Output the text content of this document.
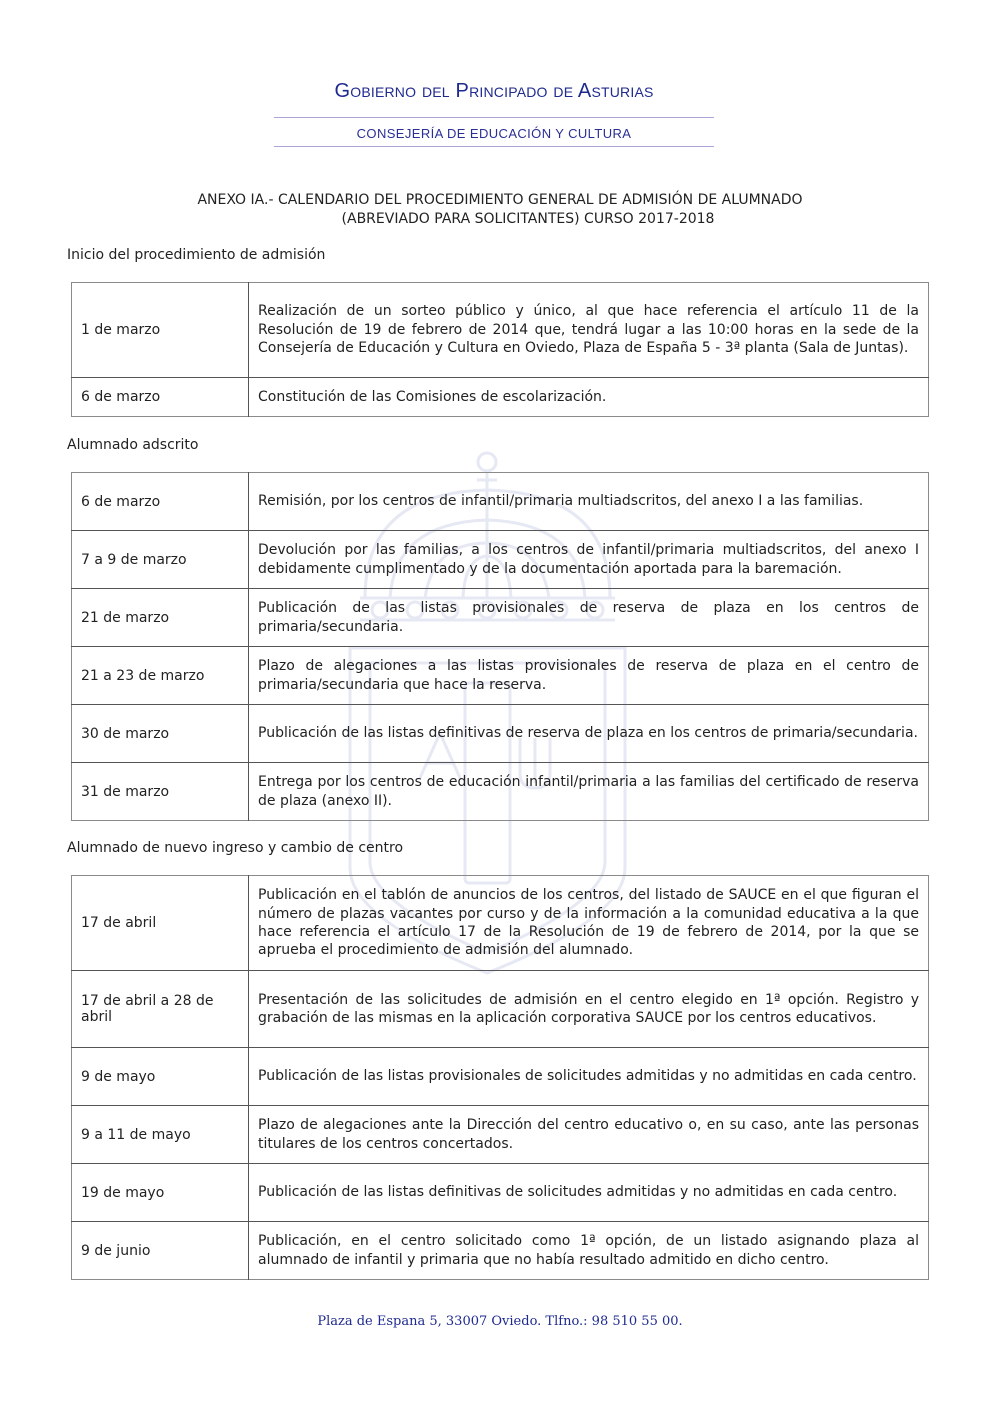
Gobierno del Principado de Asturias
CONSEJERÍA DE EDUCACIÓN Y CULTURA
ANEXO IA.- CALENDARIO DEL PROCEDIMIENTO GENERAL DE ADMISIÓN DE ALUMNADO
(ABREVIADO PARA SOLICITANTES) CURSO 2017-2018
Inicio del procedimiento de admisión
1 de marzo	Realización de un sorteo público y único, al que hace referencia el artículo 11 de la Resolución de 19 de febrero de 2014 que, tendrá lugar a las 10:00 horas en la sede de la Consejería de Educación y Cultura en Oviedo, Plaza de España 5 - 3ª planta (Sala de Juntas).
6 de marzo	Constitución de las Comisiones de escolarización.
Alumnado adscrito
6 de marzo	Remisión, por los centros de infantil/primaria multiadscritos, del anexo I a las familias.
7 a 9 de marzo	Devolución por las familias, a los centros de infantil/primaria multiadscritos, del anexo I debidamente cumplimentado y de la documentación aportada para la baremación.
21 de marzo	Publicación de las listas provisionales de reserva de plaza en los centros de primaria/secundaria.
21 a 23 de marzo	Plazo de alegaciones a las listas provisionales de reserva de plaza en el centro de primaria/secundaria que hace la reserva.
30 de marzo	Publicación de las listas definitivas de reserva de plaza en los centros de primaria/secundaria.
31 de marzo	Entrega por los centros de educación infantil/primaria a las familias del certificado de reserva de plaza (anexo II).
Alumnado de nuevo ingreso y cambio de centro
17 de abril	Publicación en el tablón de anuncios de los centros, del listado de SAUCE en el que figuran el número de plazas vacantes por curso y de la información a la comunidad educativa a la que hace referencia el artículo 17 de la Resolución de 19 de febrero de 2014, por la que se aprueba el procedimiento de admisión del alumnado.
17 de abril a 28 de abril	Presentación de las solicitudes de admisión en el centro elegido en 1ª opción. Registro y grabación de las mismas en la aplicación corporativa SAUCE por los centros educativos.
9 de mayo	Publicación de las listas provisionales de solicitudes admitidas y no admitidas en cada centro.
9 a 11 de mayo	Plazo de alegaciones ante la Dirección del centro educativo o, en su caso, ante las personas titulares de los centros concertados.
19 de mayo	Publicación de las listas definitivas de solicitudes admitidas y no admitidas en cada centro.
9 de junio	Publicación, en el centro solicitado como 1ª opción, de un listado asignando plaza al alumnado de infantil y primaria que no había resultado admitido en dicho centro.
Plaza de Espana 5, 33007 Oviedo. Tlfno.: 98 510 55 00.
